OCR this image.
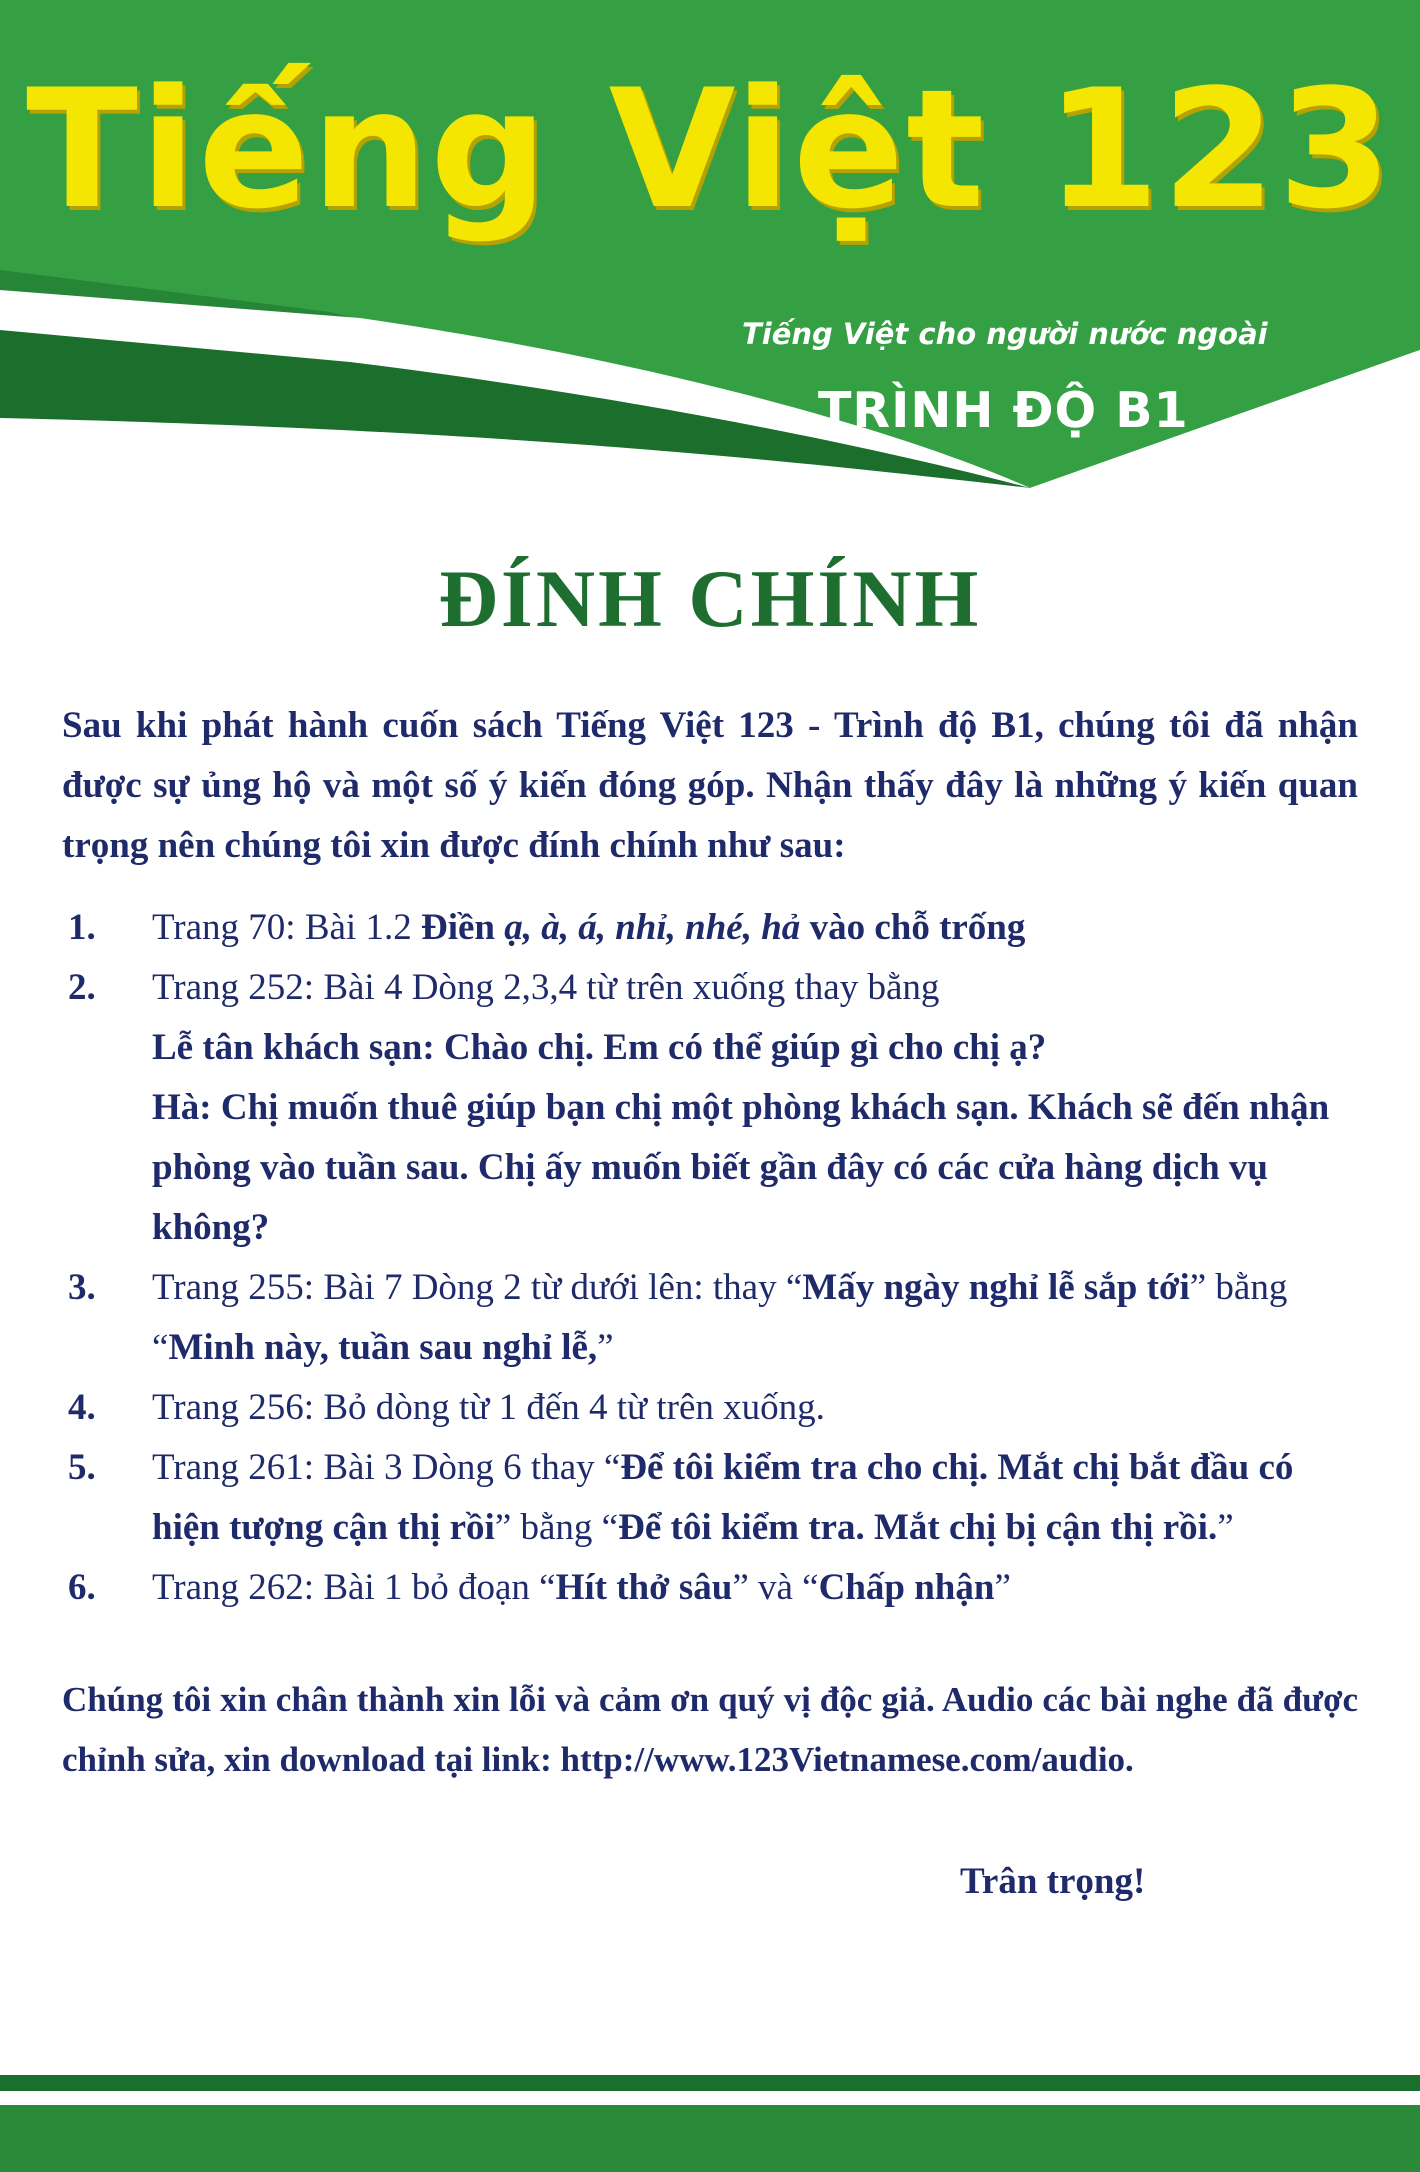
Tiếng Việt 123
Tiếng Việt cho người nước ngoài
TRÌNH ĐỘ B1
ĐÍNH CHÍNH
Sau khi phát hành cuốn sách Tiếng Việt 123 - Trình độ B1, chúng tôi đã nhận được sự ủng hộ và một số ý kiến đóng góp. Nhận thấy đây là những ý kiến quan trọng nên chúng tôi xin được đính chính như sau:
1. Trang 70: Bài 1.2 Điền ạ, à, á, nhỉ, nhé, hả vào chỗ trống
2. Trang 252: Bài 4 Dòng 2,3,4 từ trên xuống thay bằng
Lễ tân khách sạn: Chào chị. Em có thể giúp gì cho chị ạ?
Hà: Chị muốn thuê giúp bạn chị một phòng khách sạn. Khách sẽ đến nhận phòng vào tuần sau. Chị ấy muốn biết gần đây có các cửa hàng dịch vụ không?
3. Trang 255: Bài 7 Dòng 2 từ dưới lên: thay “Mấy ngày nghỉ lễ sắp tới” bằng “Minh này, tuần sau nghỉ lễ,”
4. Trang 256: Bỏ dòng từ 1 đến 4 từ trên xuống.
5. Trang 261: Bài 3 Dòng 6 thay “Để tôi kiểm tra cho chị. Mắt chị bắt đầu có hiện tượng cận thị rồi” bằng “Để tôi kiểm tra. Mắt chị bị cận thị rồi.”
6. Trang 262: Bài 1 bỏ đoạn “Hít thở sâu” và “Chấp nhận”
Chúng tôi xin chân thành xin lỗi và cảm ơn quý vị độc giả. Audio các bài nghe đã được chỉnh sửa, xin download tại link: http://www.123Vietnamese.com/audio.
Trân trọng!
